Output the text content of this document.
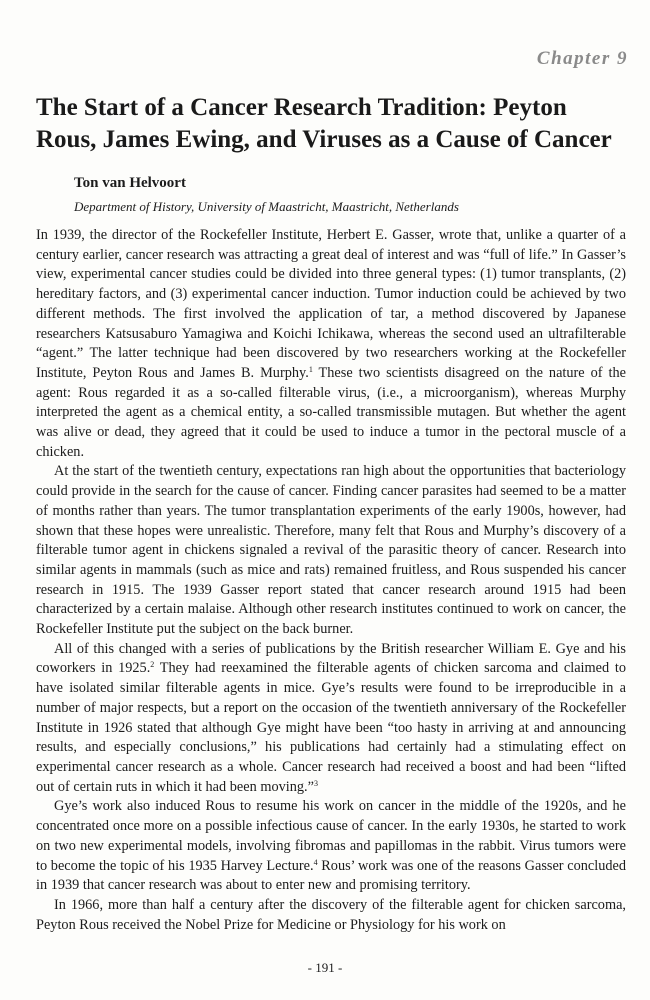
Chapter 9
The Start of a Cancer Research Tradition: Peyton Rous, James Ewing, and Viruses as a Cause of Cancer
Ton van Helvoort
Department of History, University of Maastricht, Maastricht, Netherlands

In 1939, the director of the Rockefeller Institute, Herbert E. Gasser, wrote that, unlike a quarter of a century earlier, cancer research was attracting a great deal of interest and was “full of life.” In Gasser’s view, experimental cancer studies could be divided into three general types: (1) tumor transplants, (2) hereditary factors, and (3) experimental cancer induction. Tumor induction could be achieved by two different methods. The first involved the application of tar, a method discovered by Japanese researchers Katsusaburo Yamagiwa and Koichi Ichikawa, whereas the second used an ultrafilterable “agent.” The latter technique had been discovered by two researchers working at the Rockefeller Institute, Peyton Rous and James B. Murphy.$^1$ These two scientists disagreed on the nature of the agent: Rous regarded it as a so-called filterable virus, (i.e., a microorganism), whereas Murphy interpreted the agent as a chemical entity, a so-called transmissible mutagen. But whether the agent was alive or dead, they agreed that it could be used to induce a tumor in the pectoral muscle of a chicken.

At the start of the twentieth century, expectations ran high about the opportunities that bacteriology could provide in the search for the cause of cancer. Finding cancer parasites had seemed to be a matter of months rather than years. The tumor transplantation experiments of the early 1900s, however, had shown that these hopes were unrealistic. Therefore, many felt that Rous and Murphy’s discovery of a filterable tumor agent in chickens signaled a revival of the parasitic theory of cancer. Research into similar agents in mammals (such as mice and rats) remained fruitless, and Rous suspended his cancer research in 1915. The 1939 Gasser report stated that cancer research around 1915 had been characterized by a certain malaise. Although other research institutes continued to work on cancer, the Rockefeller Institute put the subject on the back burner.

All of this changed with a series of publications by the British researcher William E. Gye and his coworkers in 1925.$^2$ They had reexamined the filterable agents of chicken sarcoma and claimed to have isolated similar filterable agents in mice. Gye’s results were found to be irreproducible in a number of major respects, but a report on the occasion of the twentieth anniversary of the Rockefeller Institute in 1926 stated that although Gye might have been “too hasty in arriving at and announcing results, and especially conclusions,” his publications had certainly had a stimulating effect on experimental cancer research as a whole. Cancer research had received a boost and had been “lifted out of certain ruts in which it had been moving.”$^3$

Gye’s work also induced Rous to resume his work on cancer in the middle of the 1920s, and he concentrated once more on a possible infectious cause of cancer. In the early 1930s, he started to work on two new experimental models, involving fibromas and papillomas in the rabbit. Virus tumors were to become the topic of his 1935 Harvey Lecture.$^4$ Rous’ work was one of the reasons Gasser concluded in 1939 that cancer research was about to enter new and promising territory.

In 1966, more than half a century after the discovery of the filterable agent for chicken sarcoma, Peyton Rous received the Nobel Prize for Medicine or Physiology for his work on

- 191 -
